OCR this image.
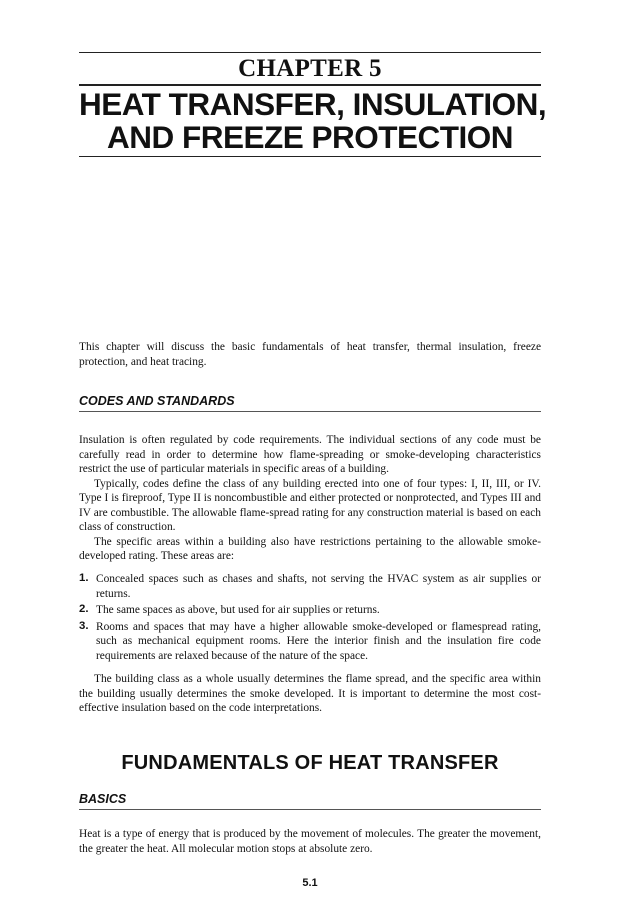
CHAPTER 5
HEAT TRANSFER, INSULATION,
AND FREEZE PROTECTION

This chapter will discuss the basic fundamentals of heat transfer, thermal insulation, freeze protection, and heat tracing.

CODES AND STANDARDS

Insulation is often regulated by code requirements. The individual sections of any code must be carefully read in order to determine how flame-spreading or smoke-developing characteristics restrict the use of particular materials in specific areas of a building.

Typically, codes define the class of any building erected into one of four types: I, II, III, or IV. Type I is fireproof, Type II is noncombustible and either protected or nonprotected, and Types III and IV are combustible. The allowable flame-spread rating for any construction material is based on each class of construction.

The specific areas within a building also have restrictions pertaining to the allowable smoke-developed rating. These areas are:

1. Concealed spaces such as chases and shafts, not serving the HVAC system as air supplies or returns.

2. The same spaces as above, but used for air supplies or returns.

3. Rooms and spaces that may have a higher allowable smoke-developed or flamespread rating, such as mechanical equipment rooms. Here the interior finish and the insulation fire code requirements are relaxed because of the nature of the space.

The building class as a whole usually determines the flame spread, and the specific area within the building usually determines the smoke developed. It is important to determine the most cost-effective insulation based on the code interpretations.

FUNDAMENTALS OF HEAT TRANSFER
BASICS

Heat is a type of energy that is produced by the movement of molecules. The greater the movement, the greater the heat. All molecular motion stops at absolute zero.

5.1
